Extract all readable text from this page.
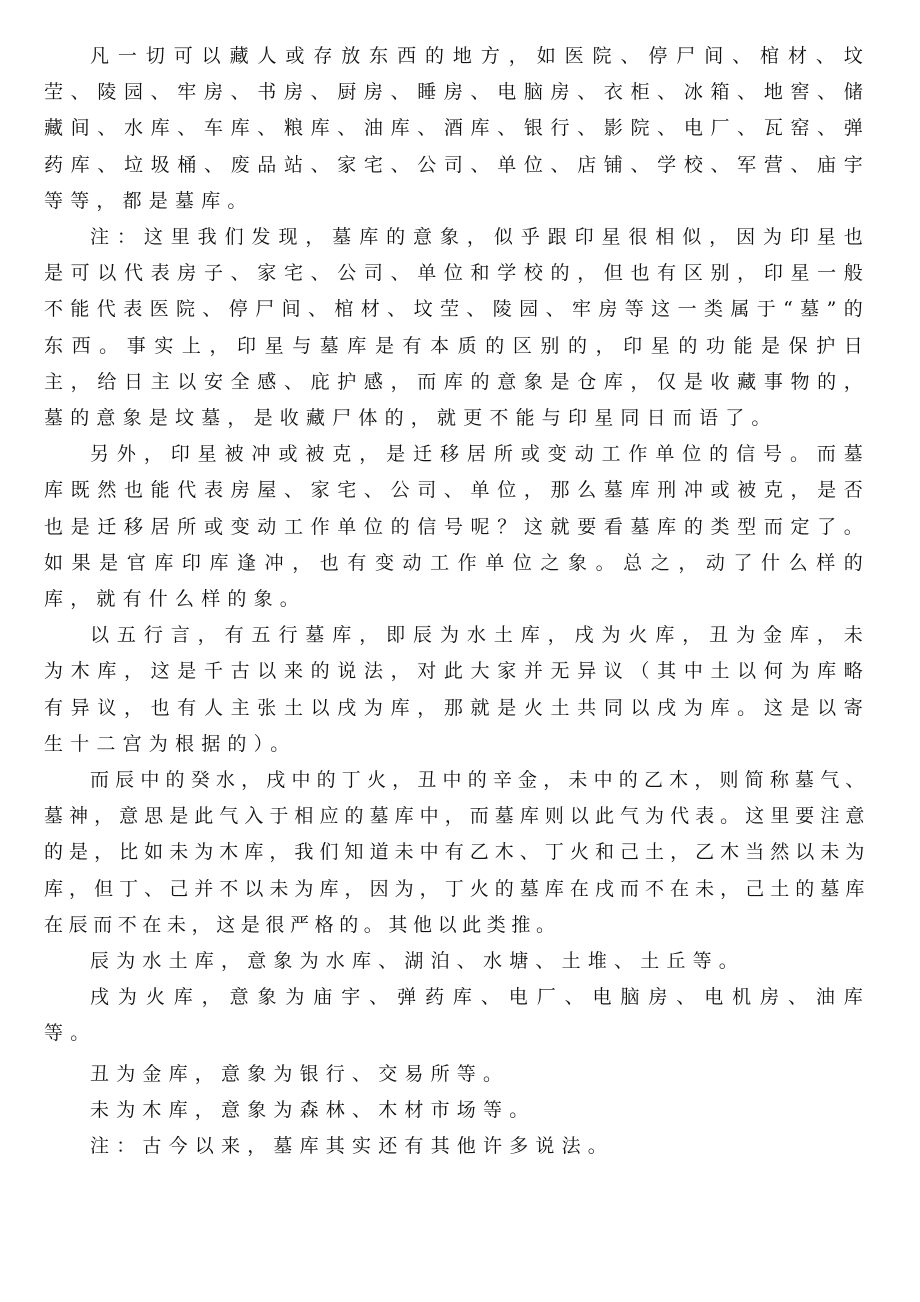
凡一切可以藏人或存放东西的地方，如医院、停尸间、棺材、坟茔、陵园、牢房、书房、厨房、睡房、电脑房、衣柜、冰箱、地窖、储藏间、水库、车库、粮库、油库、酒库、银行、影院、电厂、瓦窑、弹药库、垃圾桶、废品站、家宅、公司、单位、店铺、学校、军营、庙宇等等，都是墓库。

注：这里我们发现，墓库的意象，似乎跟印星很相似，因为印星也是可以代表房子、家宅、公司、单位和学校的，但也有区别，印星一般不能代表医院、停尸间、棺材、坟茔、陵园、牢房等这一类属于“墓”的东西。事实上，印星与墓库是有本质的区别的，印星的功能是保护日主，给日主以安全感、庇护感，而库的意象是仓库，仅是收藏事物的，墓的意象是坟墓，是收藏尸体的，就更不能与印星同日而语了。

另外，印星被冲或被克，是迁移居所或变动工作单位的信号。而墓库既然也能代表房屋、家宅、公司、单位，那么墓库刑冲或被克，是否也是迁移居所或变动工作单位的信号呢？这就要看墓库的类型而定了。如果是官库印库逢冲，也有变动工作单位之象。总之，动了什么样的库，就有什么样的象。

以五行言，有五行墓库，即辰为水土库，戌为火库，丑为金库，未为木库，这是千古以来的说法，对此大家并无异议（其中土以何为库略有异议，也有人主张土以戌为库，那就是火土共同以戌为库。这是以寄生十二宫为根据的）。

而辰中的癸水，戌中的丁火，丑中的辛金，未中的乙木，则简称墓气、墓神，意思是此气入于相应的墓库中，而墓库则以此气为代表。这里要注意的是，比如未为木库，我们知道未中有乙木、丁火和己土，乙木当然以未为库，但丁、己并不以未为库，因为，丁火的墓库在戌而不在未，己土的墓库在辰而不在未，这是很严格的。其他以此类推。

辰为水土库，意象为水库、湖泊、水塘、土堆、土丘等。

戌为火库，意象为庙宇、弹药库、电厂、电脑房、电机房、油库等。

丑为金库，意象为银行、交易所等。

未为木库，意象为森林、木材市场等。

注：古今以来，墓库其实还有其他许多说法。
